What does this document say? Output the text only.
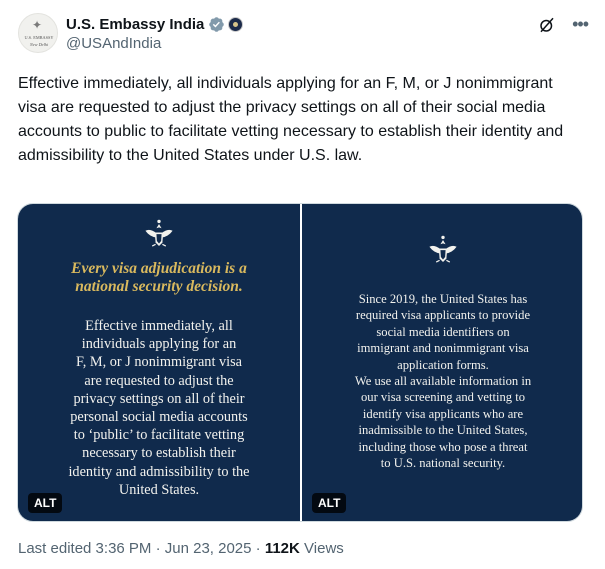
✦
U.S. EMBASSY
New Delhi
U.S. Embassy India
@USAndIndia
•••
Effective immediately, all individuals applying for an F, M, or J nonimmigrant visa are requested to adjust the privacy settings on all of their social media accounts to public to facilitate vetting necessary to establish their identity and admissibility to the United States under U.S. law.
Every visa adjudication is a
national security decision.
Effective immediately, all
individuals applying for an
F, M, or J nonimmigrant visa
are requested to adjust the
privacy settings on all of their
personal social media accounts
to ‘public’ to facilitate vetting
necessary to establish their
identity and admissibility to the
United States.
ALT
Since 2019, the United States has
required visa applicants to provide
social media identifiers on
immigrant and nonimmigrant visa
application forms.
We use all available information in
our visa screening and vetting to
identify visa applicants who are
inadmissible to the United States,
including those who pose a threat
to U.S. national security.
ALT
Last edited 3:36 PM · Jun 23, 2025 · 112K Views
